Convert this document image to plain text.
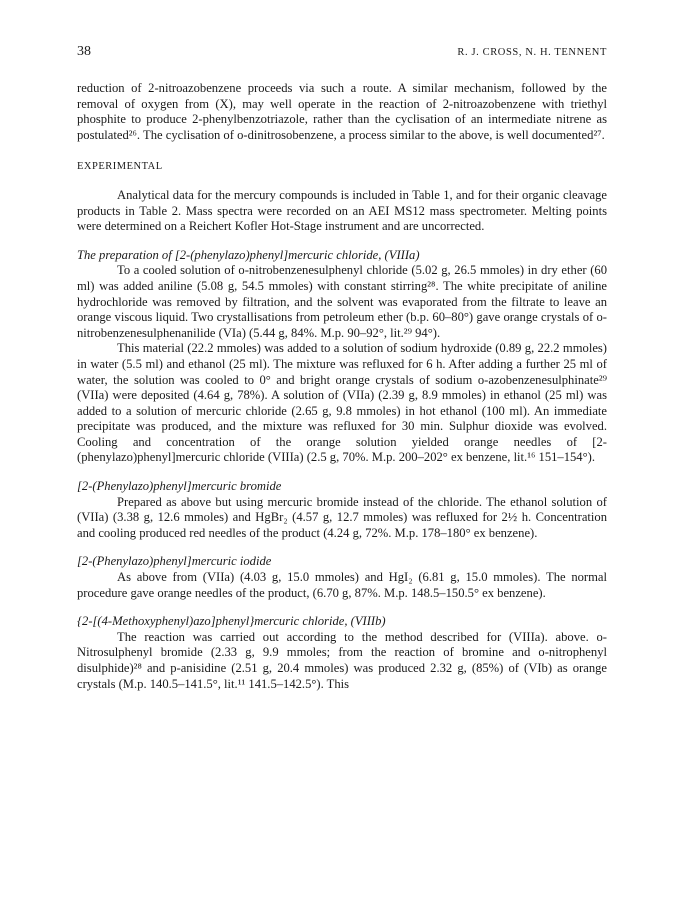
38	R. J. CROSS, N. H. TENNENT

reduction of 2-nitroazobenzene proceeds via such a route. A similar mechanism, followed by the removal of oxygen from (X), may well operate in the reaction of 2-nitroazobenzene with triethyl phosphite to produce 2-phenylbenzotriazole, rather than the cyclisation of an intermediate nitrene as postulated²⁶. The cyclisation of o-dinitrosobenzene, a process similar to the above, is well documented²⁷.

EXPERIMENTAL

Analytical data for the mercury compounds is included in Table 1, and for their organic cleavage products in Table 2. Mass spectra were recorded on an AEI MS12 mass spectrometer. Melting points were determined on a Reichert Kofler Hot-Stage instrument and are uncorrected.

The preparation of [2-(phenylazo)phenyl]mercuric chloride, (VIIIa)

To a cooled solution of o-nitrobenzenesulphenyl chloride (5.02 g, 26.5 mmoles) in dry ether (60 ml) was added aniline (5.08 g, 54.5 mmoles) with constant stirring²⁸. The white precipitate of aniline hydrochloride was removed by filtration, and the solvent was evaporated from the filtrate to leave an orange viscous liquid. Two crystallisations from petroleum ether (b.p. 60–80°) gave orange crystals of o-nitrobenzenesulphenanilide (VIa) (5.44 g, 84%. M.p. 90–92°, lit.²⁹ 94°).

This material (22.2 mmoles) was added to a solution of sodium hydroxide (0.89 g, 22.2 mmoles) in water (5.5 ml) and ethanol (25 ml). The mixture was refluxed for 6 h. After adding a further 25 ml of water, the solution was cooled to 0° and bright orange crystals of sodium o-azobenzenesulphinate²⁹ (VIIa) were deposited (4.64 g, 78%). A solution of (VIIa) (2.39 g, 8.9 mmoles) in ethanol (25 ml) was added to a solution of mercuric chloride (2.65 g, 9.8 mmoles) in hot ethanol (100 ml). An immediate precipitate was produced, and the mixture was refluxed for 30 min. Sulphur dioxide was evolved. Cooling and concentration of the orange solution yielded orange needles of [2-(phenylazo)phenyl]mercuric chloride (VIIIa) (2.5 g, 70%. M.p. 200–202° ex benzene, lit.¹⁶ 151–154°).

[2-(Phenylazo)phenyl]mercuric bromide

Prepared as above but using mercuric bromide instead of the chloride. The ethanol solution of (VIIa) (3.38 g, 12.6 mmoles) and HgBr₂ (4.57 g, 12.7 mmoles) was refluxed for 2½ h. Concentration and cooling produced red needles of the product (4.24 g, 72%. M.p. 178–180° ex benzene).

[2-(Phenylazo)phenyl]mercuric iodide

As above from (VIIa) (4.03 g, 15.0 mmoles) and HgI₂ (6.81 g, 15.0 mmoles). The normal procedure gave orange needles of the product, (6.70 g, 87%. M.p. 148.5–150.5° ex benzene).

{2-[(4-Methoxyphenyl)azo]phenyl}mercuric chloride, (VIIIb)

The reaction was carried out according to the method described for (VIIIa). above. o-Nitrosulphenyl bromide (2.33 g, 9.9 mmoles; from the reaction of bromine and o-nitrophenyl disulphide)²⁸ and p-anisidine (2.51 g, 20.4 mmoles) was produced 2.32 g, (85%) of (VIb) as orange crystals (M.p. 140.5–141.5°, lit.¹¹ 141.5–142.5°). This
